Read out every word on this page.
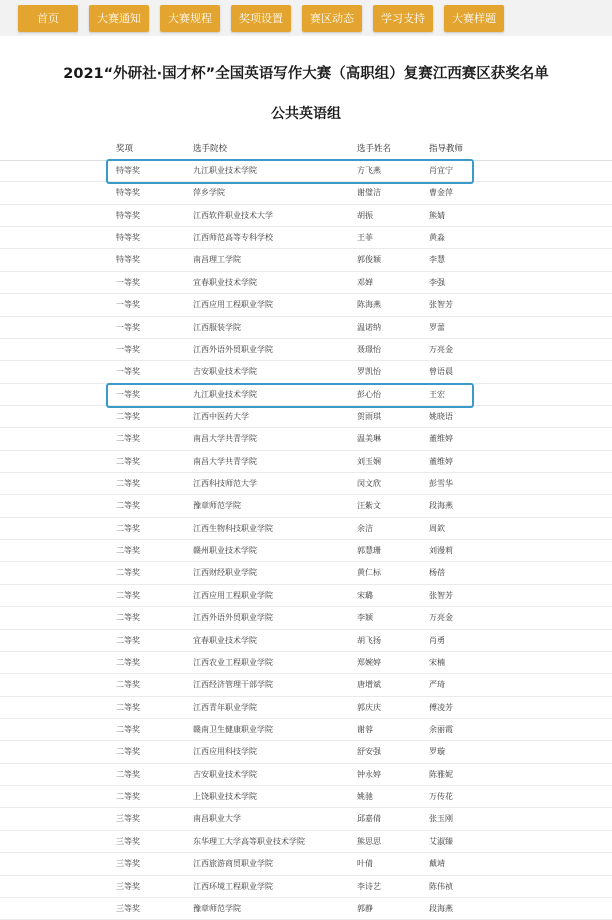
首页	大赛通知	大赛规程	奖项设置	赛区动态	学习支持	大赛样题
2021“外研社·国才杯”全国英语写作大赛（高职组）复赛江西赛区获奖名单
公共英语组
奖项	选手院校	选手姓名	指导教师
特等奖	九江职业技术学院	方飞燕	肖宜宁
特等奖	萍乡学院	谢璧洁	曹金萍
特等奖	江西软件职业技术大学	胡振	熊婧
特等奖	江西师范高等专科学校	王菲	黄淼
特等奖	南昌理工学院	郭俊颖	李慧
一等奖	宜春职业技术学院	邓婵	李强
一等奖	江西应用工程职业学院	陈海燕	张智芳
一等奖	江西服装学院	温诺纳	罗蕾
一等奖	江西外语外贸职业学院	聂璟怡	万亮金
一等奖	吉安职业技术学院	罗凯怡	曾语晨
一等奖	九江职业技术学院	彭心怡	王宏
二等奖	江西中医药大学	贺雨琪	姚晓语
二等奖	南昌大学共青学院	温美琳	董维婷
二等奖	南昌大学共青学院	刘玉娴	董维婷
二等奖	江西科技师范大学	闵文欣	彭雪华
二等奖	豫章师范学院	汪紫文	段海燕
二等奖	江西生物科技职业学院	余洁	周欽
二等奖	赣州职业技术学院	郭慧珊	刘漫莉
二等奖	江西财经职业学院	黄仁标	杨蓓
二等奖	江西应用工程职业学院	宋璐	张智芳
二等奖	江西外语外贸职业学院	李颖	万亮金
二等奖	宜春职业技术学院	胡飞扬	肖勇
二等奖	江西农业工程职业学院	郑婉婷	宋楠
二等奖	江西经济管理干部学院	唐增斌	严琦
二等奖	江西青年职业学院	郭庆庆	傅凌芳
二等奖	赣南卫生健康职业学院	谢蓉	余丽霞
二等奖	江西应用科技学院	舒安强	罗璇
二等奖	吉安职业技术学院	钟永婷	陈雅妮
二等奖	上饶职业技术学院	姚驰	万传花
三等奖	南昌职业大学	邱嘉倩	张玉刚
三等奖	东华理工大学高等职业技术学院	熊思思	艾淑臻
三等奖	江西旅游商贸职业学院	叶倩	戴靖
三等奖	江西环境工程职业学院	李诗艺	陈伟祯
三等奖	豫章师范学院	郭静	段海燕
